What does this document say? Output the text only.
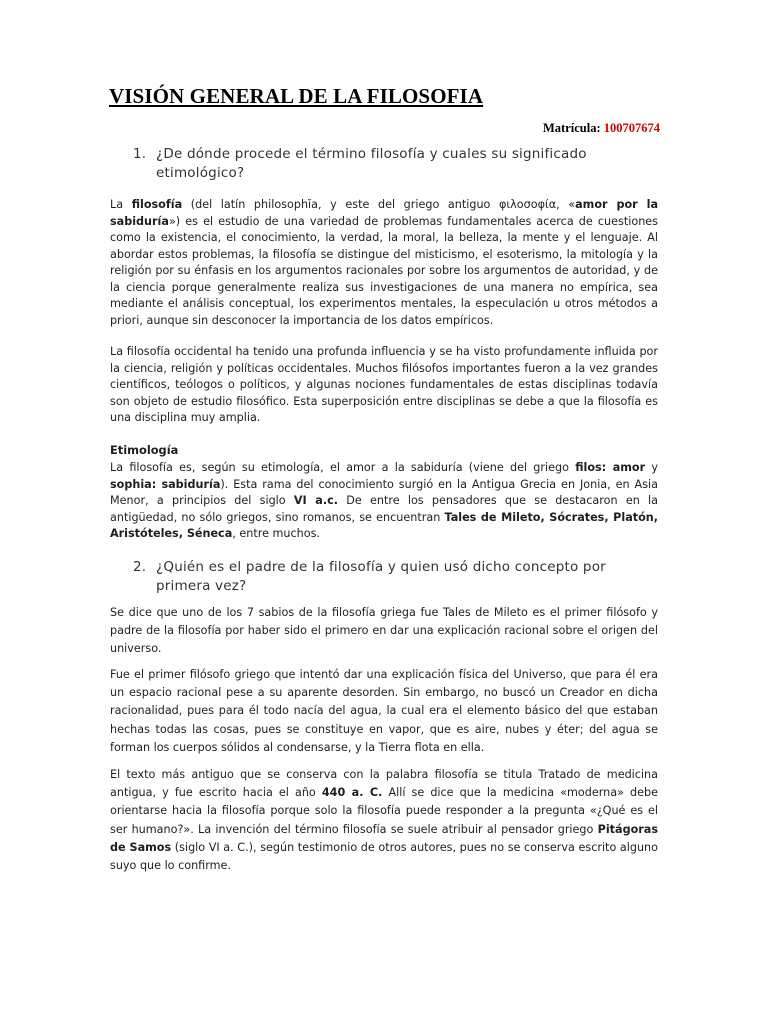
VISIÓN GENERAL DE LA FILOSOFIA
Matrícula: 100707674
1. ¿De dónde procede el término filosofía y cuales su significado etimológico?

La filosofía (del latín philosophĭa, y este del griego antiguo φιλοσοφία, «amor por la sabiduría») es el estudio de una variedad de problemas fundamentales acerca de cuestiones como la existencia, el conocimiento, la verdad, la moral, la belleza, la mente y el lenguaje. Al abordar estos problemas, la filosofía se distingue del misticismo, el esoterismo, la mitología y la religión por su énfasis en los argumentos racionales por sobre los argumentos de autoridad, y de la ciencia porque generalmente realiza sus investigaciones de una manera no empírica, sea mediante el análisis conceptual, los experimentos mentales, la especulación u otros métodos a priori, aunque sin desconocer la importancia de los datos empíricos.

La filosofía occidental ha tenido una profunda influencia y se ha visto profundamente influida por la ciencia, religión y políticas occidentales. Muchos filósofos importantes fueron a la vez grandes científicos, teólogos o políticos, y algunas nociones fundamentales de estas disciplinas todavía son objeto de estudio filosófico. Esta superposición entre disciplinas se debe a que la filosofía es una disciplina muy amplia.

Etimología

La filosofía es, según su etimología, el amor a la sabiduría (viene del griego filos: amor y sophia: sabiduría). Esta rama del conocimiento surgió en la Antigua Grecia en Jonia, en Asia Menor, a principios del siglo VI a.c. De entre los pensadores que se destacaron en la antigüedad, no sólo griegos, sino romanos, se encuentran Tales de Mileto, Sócrates, Platón, Aristóteles, Séneca, entre muchos.

2. ¿Quién es el padre de la filosofía y quien usó dicho concepto por primera vez?

Se dice que uno de los 7 sabios de la filosofía griega fue Tales de Mileto es el primer filósofo y padre de la filosofía por haber sido el primero en dar una explicación racional sobre el origen del universo.

Fue el primer filósofo griego que intentó dar una explicación física del Universo, que para él era un espacio racional pese a su aparente desorden. Sin embargo, no buscó un Creador en dicha racionalidad, pues para él todo nacía del agua, la cual era el elemento básico del que estaban hechas todas las cosas, pues se constituye en vapor, que es aire, nubes y éter; del agua se forman los cuerpos sólidos al condensarse, y la Tierra flota en ella.

El texto más antiguo que se conserva con la palabra filosofía se titula Tratado de medicina antigua, y fue escrito hacia el año 440 a. C. Allí se dice que la medicina «moderna» debe orientarse hacia la filosofía porque solo la filosofía puede responder a la pregunta «¿Qué es el ser humano?». La invención del término filosofía se suele atribuir al pensador griego Pitágoras de Samos (siglo VI a. C.), según testimonio de otros autores, pues no se conserva escrito alguno suyo que lo confirme.
